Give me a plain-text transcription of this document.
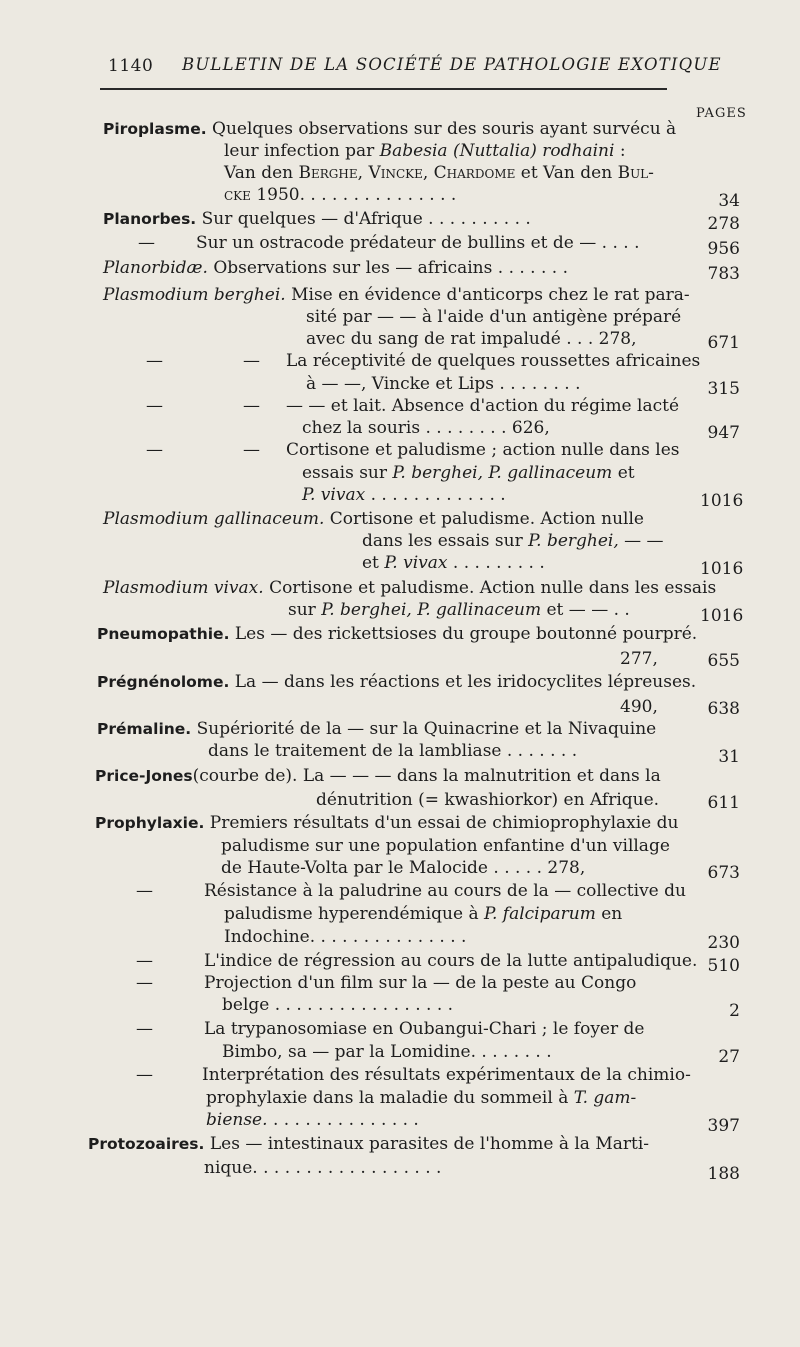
1140 BULLETIN DE LA SOCIÉTÉ DE PATHOLOGIE EXOTIQUE
PAGES
Piroplasme. Quelques observations sur des souris ayant survécu à
leur infection par Babesia (Nuttalia) rodhaini :
Van den Berghe, Vincke, Chardome et Van den Bul-
cke 1950. . . . . . . . . . . . . . .	34
Planorbes. Sur quelques — d'Afrique . . . . . . . . . .	278
— Sur un ostracode prédateur de bullins et de — . . . .	956
Planorbidæ. Observations sur les — africains . . . . . . .	783
Plasmodium berghei. Mise en évidence d'anticorps chez le rat para-
sité par — — à l'aide d'un antigène préparé
avec du sang de rat impaludé . . . 278,	671
—	— La réceptivité de quelques roussettes africaines
à — —, Vincke et Lips . . . . . . . .	315
—	— — — et lait. Absence d'action du régime lacté
chez la souris . . . . . . . . 626,	947
—	— Cortisone et paludisme ; action nulle dans les
essais sur P. berghei, P. gallinaceum et
P. vivax . . . . . . . . . . . . .	1016
Plasmodium gallinaceum. Cortisone et paludisme. Action nulle
dans les essais sur P. berghei, — —
et P. vivax . . . . . . . . .	1016
Plasmodium vivax. Cortisone et paludisme. Action nulle dans les essais
sur P. berghei, P. gallinaceum et — — . .	1016
Pneumopathie. Les — des rickettsioses du groupe boutonné pourpré.
277,	655
Prégnénolome. La — dans les réactions et les iridocyclites lépreuses.
490,	638
Prémaline. Supériorité de la — sur la Quinacrine et la Nivaquine
dans le traitement de la lambliase . . . . . . .	31
Price-Jones(courbe de). La — — — dans la malnutrition et dans la
dénutrition (= kwashiorkor) en Afrique.	611
Prophylaxie. Premiers résultats d'un essai de chimioprophylaxie du
paludisme sur une population enfantine d'un village
de Haute-Volta par le Malocide . . . . . 278,	673
—	Résistance à la paludrine au cours de la — collective du
paludisme hyperendémique à P. falciparum en
Indochine. . . . . . . . . . . . . . .	230
—	L'indice de régression au cours de la lutte antipaludique. 510
—	Projection d'un film sur la — de la peste au Congo
belge . . . . . . . . . . . . . . . . .	2
—	La trypanosomiase en Oubangui-Chari ; le foyer de
Bimbo, sa — par la Lomidine. . . . . . . .	27
—	Interprétation des résultats expérimentaux de la chimio-
prophylaxie dans la maladie du sommeil à T. gam-
biense. . . . . . . . . . . . . . .	397
Protozoaires. Les — intestinaux parasites de l'homme à la Marti-
nique. . . . . . . . . . . . . . . . . .	188
